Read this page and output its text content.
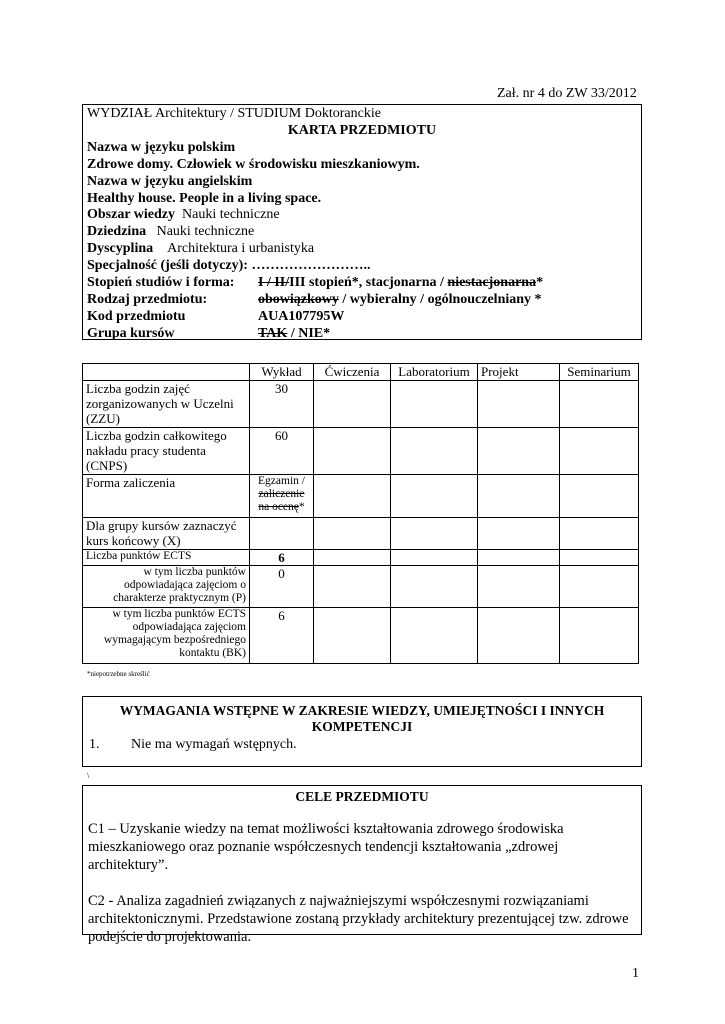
Zał. nr 4 do ZW 33/2012
WYDZIAŁ Architektury / STUDIUM Doktoranckie
KARTA PRZEDMIOTU
Nazwa w języku polskim
Zdrowe domy. Człowiek w środowisku mieszkaniowym.
Nazwa w języku angielskim
Healthy house. People in a living space.
Obszar wiedzy Nauki techniczne
Dziedzina Nauki techniczne
Dyscyplina Architektura i urbanistyka
Specjalność (jeśli dotyczy): ……………………..
Stopień studiów i forma:	I / II/III stopień*, stacjonarna / niestacjonarna*
Rodzaj przedmiotu:	obowiązkowy / wybieralny / ogólnouczelniany *
Kod przedmiotu	AUA107795W
Grupa kursów	TAK / NIE*
	Wykład	Ćwiczenia	Laboratorium	Projekt	Seminarium
Liczba godzin zajęć zorganizowanych w Uczelni (ZZU)	30				
Liczba godzin całkowitego nakładu pracy studenta (CNPS)	60				
Forma zaliczenia	Egzamin /
zaliczenie na ocenę*				
Dla grupy kursów zaznaczyć kurs końcowy (X)					
Liczba punktów ECTS	6				
w tym liczba punktów odpowiadająca zajęciom o charakterze praktycznym (P)	0				
w tym liczba punktów ECTS odpowiadająca zajęciom wymagającym bezpośredniego kontaktu (BK)	6				
*niepotrzebne skreślić
WYMAGANIA WSTĘPNE W ZAKRESIE WIEDZY, UMIEJĘTNOŚCI I INNYCH KOMPETENCJI
1. Nie ma wymagań wstępnych.
\
CELE PRZEDMIOTU

C1 – Uzyskanie wiedzy na temat możliwości kształtowania zdrowego środowiska mieszkaniowego oraz poznanie współczesnych tendencji kształtowania „zdrowej architektury”.

C2 - Analiza zagadnień związanych z najważniejszymi współczesnymi rozwiązaniami architektonicznymi. Przedstawione zostaną przykłady architektury prezentującej tzw. zdrowe podejście do projektowania.

1
